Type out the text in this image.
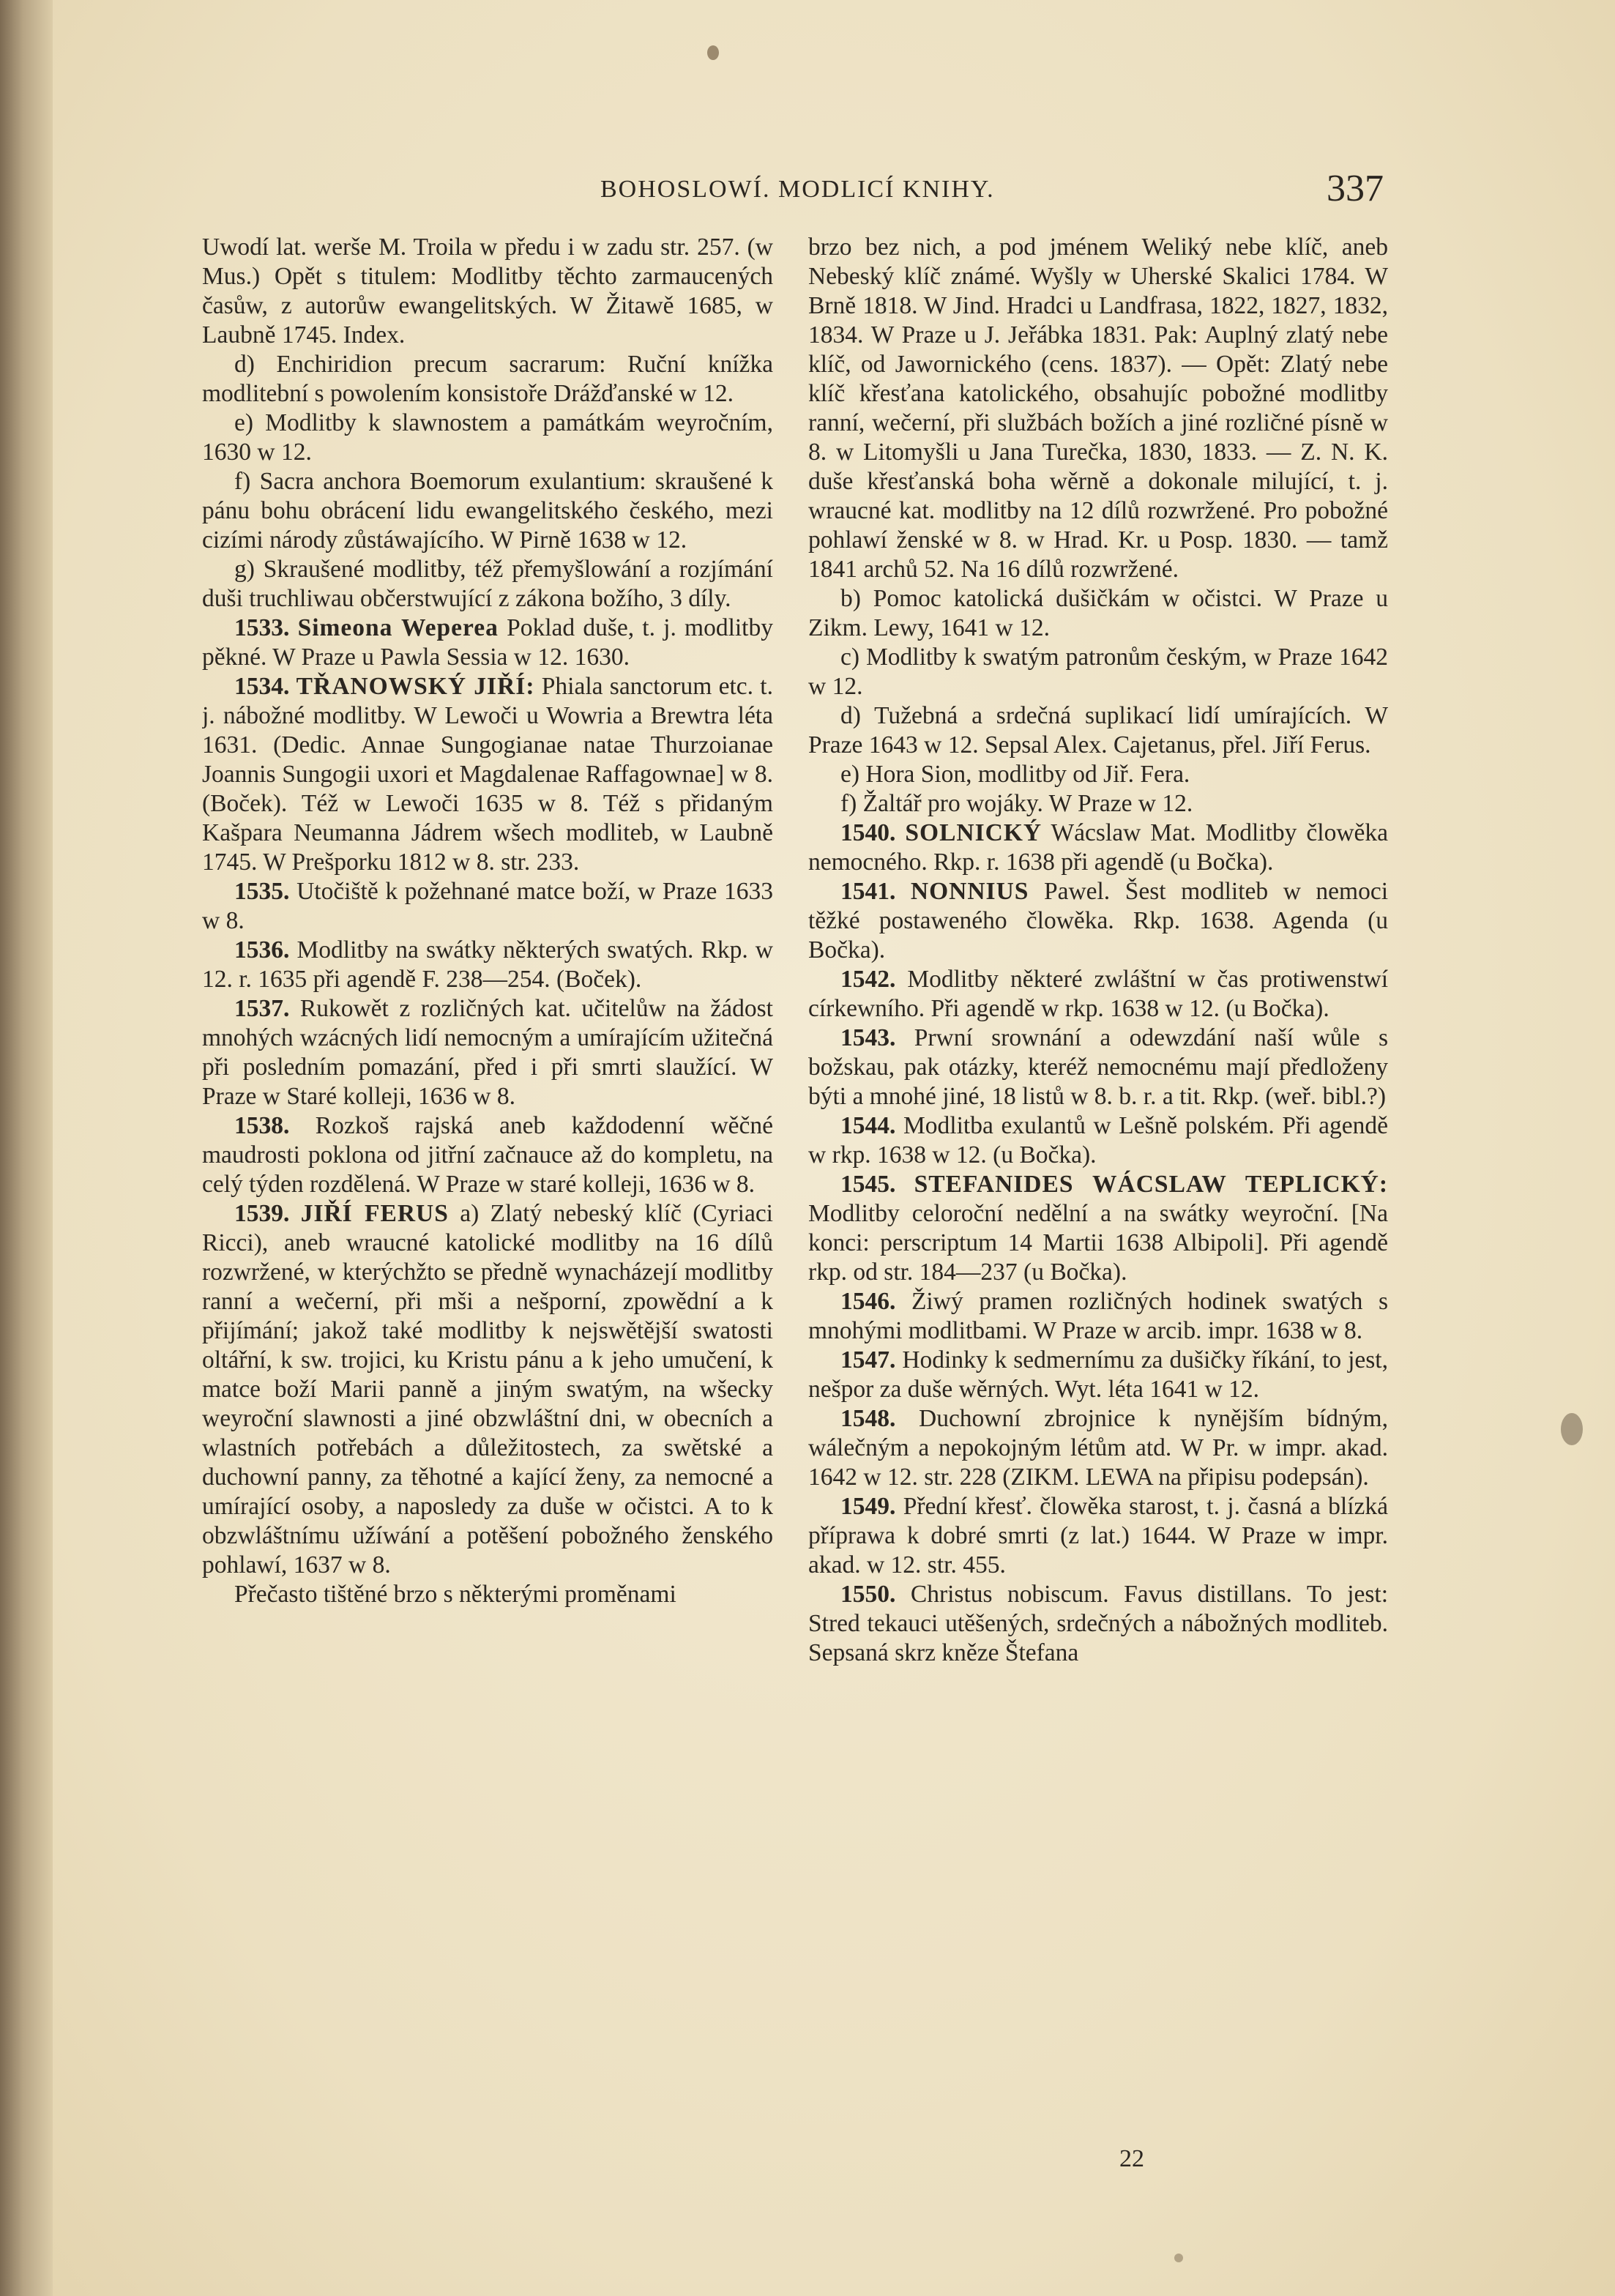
BOHOSLOWÍ. MODLICÍ KNIHY.	337

Uwodí lat. werše M. Troila w předu i w zadu str. 257. (w Mus.) Opět s titulem: Modlitby těchto zarmaucených časůw, z autorůw ewangelitských. W Žitawě 1685, w Laubně 1745. Index.

d) Enchiridion precum sacrarum: Ruční knížka modlitební s powolením konsistoře Drážďanské w 12.

e) Modlitby k slawnostem a památkám weyročním, 1630 w 12.

f) Sacra anchora Boemorum exulantium: skraušené k pánu bohu obrácení lidu ewangelitského českého, mezi cizími národy zůstáwajícího. W Pirně 1638 w 12.

g) Skraušené modlitby, též přemyšlowání a rozjímání duši truchliwau občerstwující z zákona božího, 3 díly.

1533. Simeona Weperea Poklad duše, t. j. modlitby pěkné. W Praze u Pawla Sessia w 12. 1630.

1534. TŘANOWSKÝ JIŘÍ: Phiala sanctorum etc. t. j. nábožné modlitby. W Lewoči u Wowria a Brewtra léta 1631. (Dedic. Annae Sungogianae natae Thurzoianae Joannis Sungogii uxori et Magdalenae Raffagownae] w 8. (Boček). Též w Lewoči 1635 w 8. Též s přidaným Kašpara Neumanna Jádrem wšech modliteb, w Laubně 1745. W Prešporku 1812 w 8. str. 233.

1535. Utočiště k požehnané matce boží, w Praze 1633 w 8.

1536. Modlitby na swátky některých swatých. Rkp. w 12. r. 1635 při agendě F. 238—254. (Boček).

1537. Rukowět z rozličných kat. učitelůw na žádost mnohých wzácných lidí nemocným a umírajícím užitečná při posledním pomazání, před i při smrti slaužící. W Praze w Staré kolleji, 1636 w 8.

1538. Rozkoš rajská aneb každodenní wěčné maudrosti poklona od jitřní začnauce až do kompletu, na celý týden rozdělená. W Praze w staré kolleji, 1636 w 8.

1539. JIŘÍ FERUS a) Zlatý nebeský klíč (Cyriaci Ricci), aneb wraucné katolické modlitby na 16 dílů rozwržené, w kterýchžto se předně wynacházejí modlitby ranní a wečerní, při mši a nešporní, zpowědní a k přijímání; jakož také modlitby k nejswětější swatosti oltářní, k sw. trojici, ku Kristu pánu a k jeho umučení, k matce boží Marii panně a jiným swatým, na wšecky weyroční slawnosti a jiné obzwláštní dni, w obecních a wlastních potřebách a důležitostech, za swětské a duchowní panny, za těhotné a kající ženy, za nemocné a umírající osoby, a naposledy za duše w očistci. A to k obzwláštnímu užíwání a potěšení pobožného ženského pohlawí, 1637 w 8.

Přečasto tištěné brzo s některými proměnami

brzo bez nich, a pod jménem Weliký nebe klíč, aneb Nebeský klíč známé. Wyšly w Uherské Skalici 1784. W Brně 1818. W Jind. Hradci u Landfrasa, 1822, 1827, 1832, 1834. W Praze u J. Jeřábka 1831. Pak: Auplný zlatý nebe klíč, od Jawornického (cens. 1837). — Opět: Zlatý nebe klíč křesťana katolického, obsahujíc pobožné modlitby ranní, wečerní, při službách božích a jiné rozličné písně w 8. w Litomyšli u Jana Turečka, 1830, 1833. — Z. N. K. duše křesťanská boha wěrně a dokonale milující, t. j. wraucné kat. modlitby na 12 dílů rozwržené. Pro pobožné pohlawí ženské w 8. w Hrad. Kr. u Posp. 1830. — tamž 1841 archů 52. Na 16 dílů rozwržené.

b) Pomoc katolická dušičkám w očistci. W Praze u Zikm. Lewy, 1641 w 12.

c) Modlitby k swatým patronům českým, w Praze 1642 w 12.

d) Tužebná a srdečná suplikací lidí umírajících. W Praze 1643 w 12. Sepsal Alex. Cajetanus, přel. Jiří Ferus.

e) Hora Sion, modlitby od Jiř. Fera.

f) Žaltář pro wojáky. W Praze w 12.

1540. SOLNICKÝ Wácslaw Mat. Modlitby člowěka nemocného. Rkp. r. 1638 při agendě (u Bočka).

1541. NONNIUS Pawel. Šest modliteb w nemoci těžké postaweného člowěka. Rkp. 1638. Agenda (u Bočka).

1542. Modlitby některé zwláštní w čas protiwenstwí církewního. Při agendě w rkp. 1638 w 12. (u Bočka).

1543. Prwní srownání a odewzdání naší wůle s božskau, pak otázky, kteréž nemocnému mají předloženy býti a mnohé jiné, 18 listů w 8. b. r. a tit. Rkp. (weř. bibl.?)

1544. Modlitba exulantů w Lešně polském. Při agendě w rkp. 1638 w 12. (u Bočka).

1545. STEFANIDES WÁCSLAW TEPLICKÝ: Modlitby celoroční nedělní a na swátky weyroční. [Na konci: perscriptum 14 Martii 1638 Albipoli]. Při agendě rkp. od str. 184—237 (u Bočka).

1546. Žiwý pramen rozličných hodinek swatých s mnohými modlitbami. W Praze w arcib. impr. 1638 w 8.

1547. Hodinky k sedmernímu za dušičky říkání, to jest, nešpor za duše wěrných. Wyt. léta 1641 w 12.

1548. Duchowní zbrojnice k nynějším bídným, wálečným a nepokojným létům atd. W Pr. w impr. akad. 1642 w 12. str. 228 (ZIKM. LEWA na připisu podepsán).

1549. Přední křesť. člowěka starost, t. j. časná a blízká příprawa k dobré smrti (z lat.) 1644. W Praze w impr. akad. w 12. str. 455.

1550. Christus nobiscum. Favus distillans. To jest: Stred tekauci utěšených, srdečných a nábožných modliteb. Sepsaná skrz kněze Štefana

22
